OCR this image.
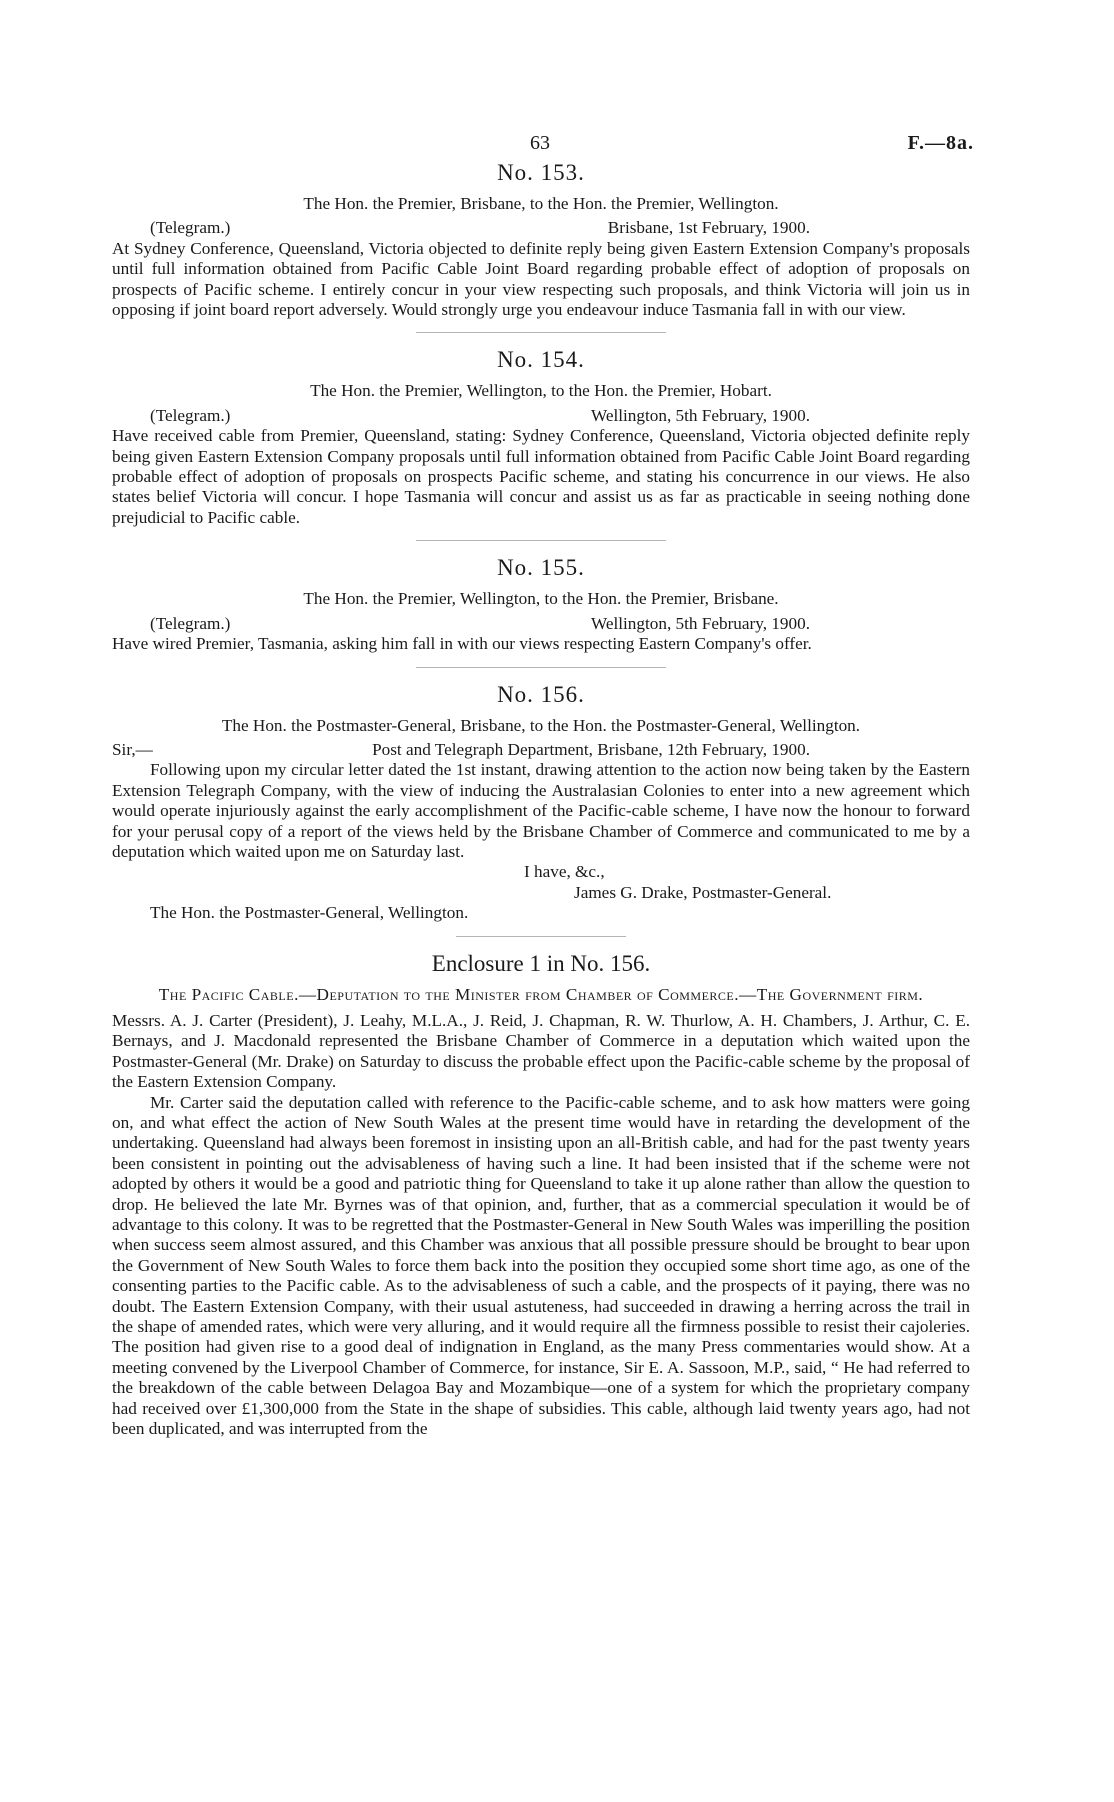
63	F.—8a.

No. 153.

The Hon. the Premier, Brisbane, to the Hon. the Premier, Wellington.

(Telegram.)	Brisbane, 1st February, 1900.

At Sydney Conference, Queensland, Victoria objected to definite reply being given Eastern Extension Company's proposals until full information obtained from Pacific Cable Joint Board regarding probable effect of adoption of proposals on prospects of Pacific scheme. I entirely concur in your view respecting such proposals, and think Victoria will join us in opposing if joint board report adversely. Would strongly urge you endeavour induce Tasmania fall in with our view.

No. 154.

The Hon. the Premier, Wellington, to the Hon. the Premier, Hobart.

(Telegram.)	Wellington, 5th February, 1900.

Have received cable from Premier, Queensland, stating: Sydney Conference, Queensland, Victoria objected definite reply being given Eastern Extension Company proposals until full information obtained from Pacific Cable Joint Board regarding probable effect of adoption of proposals on prospects Pacific scheme, and stating his concurrence in our views. He also states belief Victoria will concur. I hope Tasmania will concur and assist us as far as practicable in seeing nothing done prejudicial to Pacific cable.

No. 155.

The Hon. the Premier, Wellington, to the Hon. the Premier, Brisbane.

(Telegram.)	Wellington, 5th February, 1900.

Have wired Premier, Tasmania, asking him fall in with our views respecting Eastern Company's offer.

No. 156.

The Hon. the Postmaster-General, Brisbane, to the Hon. the Postmaster-General, Wellington.

Sir,—	Post and Telegraph Department, Brisbane, 12th February, 1900.

Following upon my circular letter dated the 1st instant, drawing attention to the action now being taken by the Eastern Extension Telegraph Company, with the view of inducing the Australasian Colonies to enter into a new agreement which would operate injuriously against the early accomplishment of the Pacific-cable scheme, I have now the honour to forward for your perusal copy of a report of the views held by the Brisbane Chamber of Commerce and communicated to me by a deputation which waited upon me on Saturday last.

I have, &c.,
James G. Drake, Postmaster-General.
The Hon. the Postmaster-General, Wellington.

Enclosure 1 in No. 156.

The Pacific Cable.—Deputation to the Minister from Chamber of Commerce.—The Government firm.

Messrs. A. J. Carter (President), J. Leahy, M.L.A., J. Reid, J. Chapman, R. W. Thurlow, A. H. Chambers, J. Arthur, C. E. Bernays, and J. Macdonald represented the Brisbane Chamber of Commerce in a deputation which waited upon the Postmaster-General (Mr. Drake) on Saturday to discuss the probable effect upon the Pacific-cable scheme by the proposal of the Eastern Extension Company.

Mr. Carter said the deputation called with reference to the Pacific-cable scheme, and to ask how matters were going on, and what effect the action of New South Wales at the present time would have in retarding the development of the undertaking. Queensland had always been foremost in insisting upon an all-British cable, and had for the past twenty years been consistent in pointing out the advisableness of having such a line. It had been insisted that if the scheme were not adopted by others it would be a good and patriotic thing for Queensland to take it up alone rather than allow the question to drop. He believed the late Mr. Byrnes was of that opinion, and, further, that as a commercial speculation it would be of advantage to this colony. It was to be regretted that the Postmaster-General in New South Wales was imperilling the position when success seem almost assured, and this Chamber was anxious that all possible pressure should be brought to bear upon the Government of New South Wales to force them back into the position they occupied some short time ago, as one of the consenting parties to the Pacific cable. As to the advisableness of such a cable, and the prospects of it paying, there was no doubt. The Eastern Extension Company, with their usual astuteness, had succeeded in drawing a herring across the trail in the shape of amended rates, which were very alluring, and it would require all the firmness possible to resist their cajoleries. The position had given rise to a good deal of indignation in England, as the many Press commentaries would show. At a meeting convened by the Liverpool Chamber of Commerce, for instance, Sir E. A. Sassoon, M.P., said, “ He had referred to the breakdown of the cable between Delagoa Bay and Mozambique—one of a system for which the proprietary company had received over £1,300,000 from the State in the shape of subsidies. This cable, although laid twenty years ago, had not been duplicated, and was interrupted from the
